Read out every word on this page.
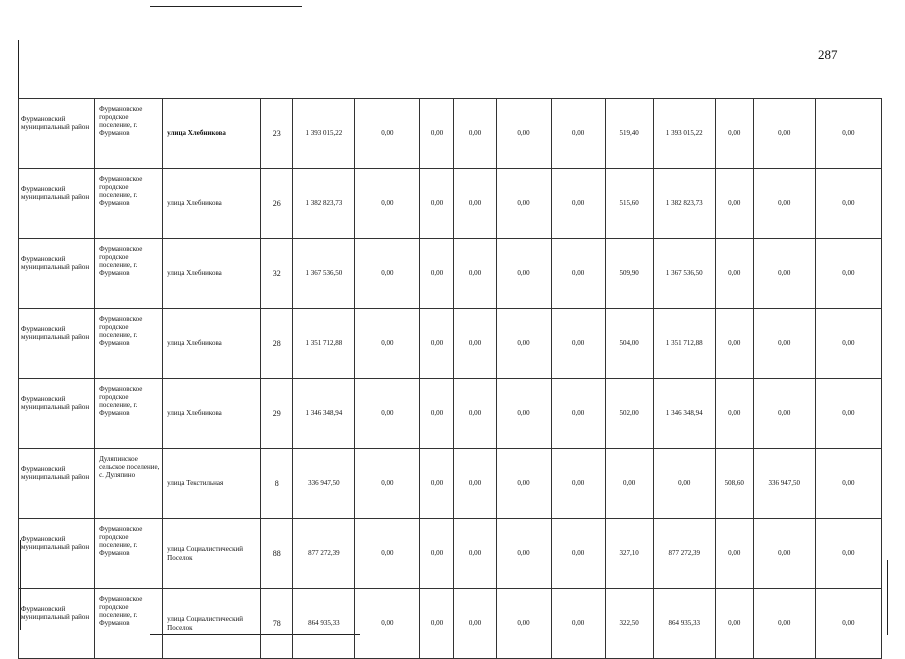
287
Фурмановский муниципальный район	Фурмановское городское поселение, г. Фурманов	улица Хлебникова	23	1 393 015,22	0,00	0,00	0,00	0,00	0,00	519,40	1 393 015,22	0,00	0,00	0,00
Фурмановский муниципальный район	Фурмановское городское поселение, г. Фурманов	улица Хлебникова	26	1 382 823,73	0,00	0,00	0,00	0,00	0,00	515,60	1 382 823,73	0,00	0,00	0,00
Фурмановский муниципальный район	Фурмановское городское поселение, г. Фурманов	улица Хлебникова	32	1 367 536,50	0,00	0,00	0,00	0,00	0,00	509,90	1 367 536,50	0,00	0,00	0,00
Фурмановский муниципальный район	Фурмановское городское поселение, г. Фурманов	улица Хлебникова	28	1 351 712,88	0,00	0,00	0,00	0,00	0,00	504,00	1 351 712,88	0,00	0,00	0,00
Фурмановский муниципальный район	Фурмановское городское поселение, г. Фурманов	улица Хлебникова	29	1 346 348,94	0,00	0,00	0,00	0,00	0,00	502,00	1 346 348,94	0,00	0,00	0,00
Фурмановский муниципальный район	Дуляпинское сельское поселение, с. Дуляпино	улица Текстильная	8	336 947,50	0,00	0,00	0,00	0,00	0,00	0,00	0,00	508,60	336 947,50	0,00
Фурмановский муниципальный район	Фурмановское городское поселение, г. Фурманов	улица Социалистический Поселок	88	877 272,39	0,00	0,00	0,00	0,00	0,00	327,10	877 272,39	0,00	0,00	0,00
Фурмановский муниципальный район	Фурмановское городское поселение, г. Фурманов	улица Социалистический Поселок	78	864 935,33	0,00	0,00	0,00	0,00	0,00	322,50	864 935,33	0,00	0,00	0,00
